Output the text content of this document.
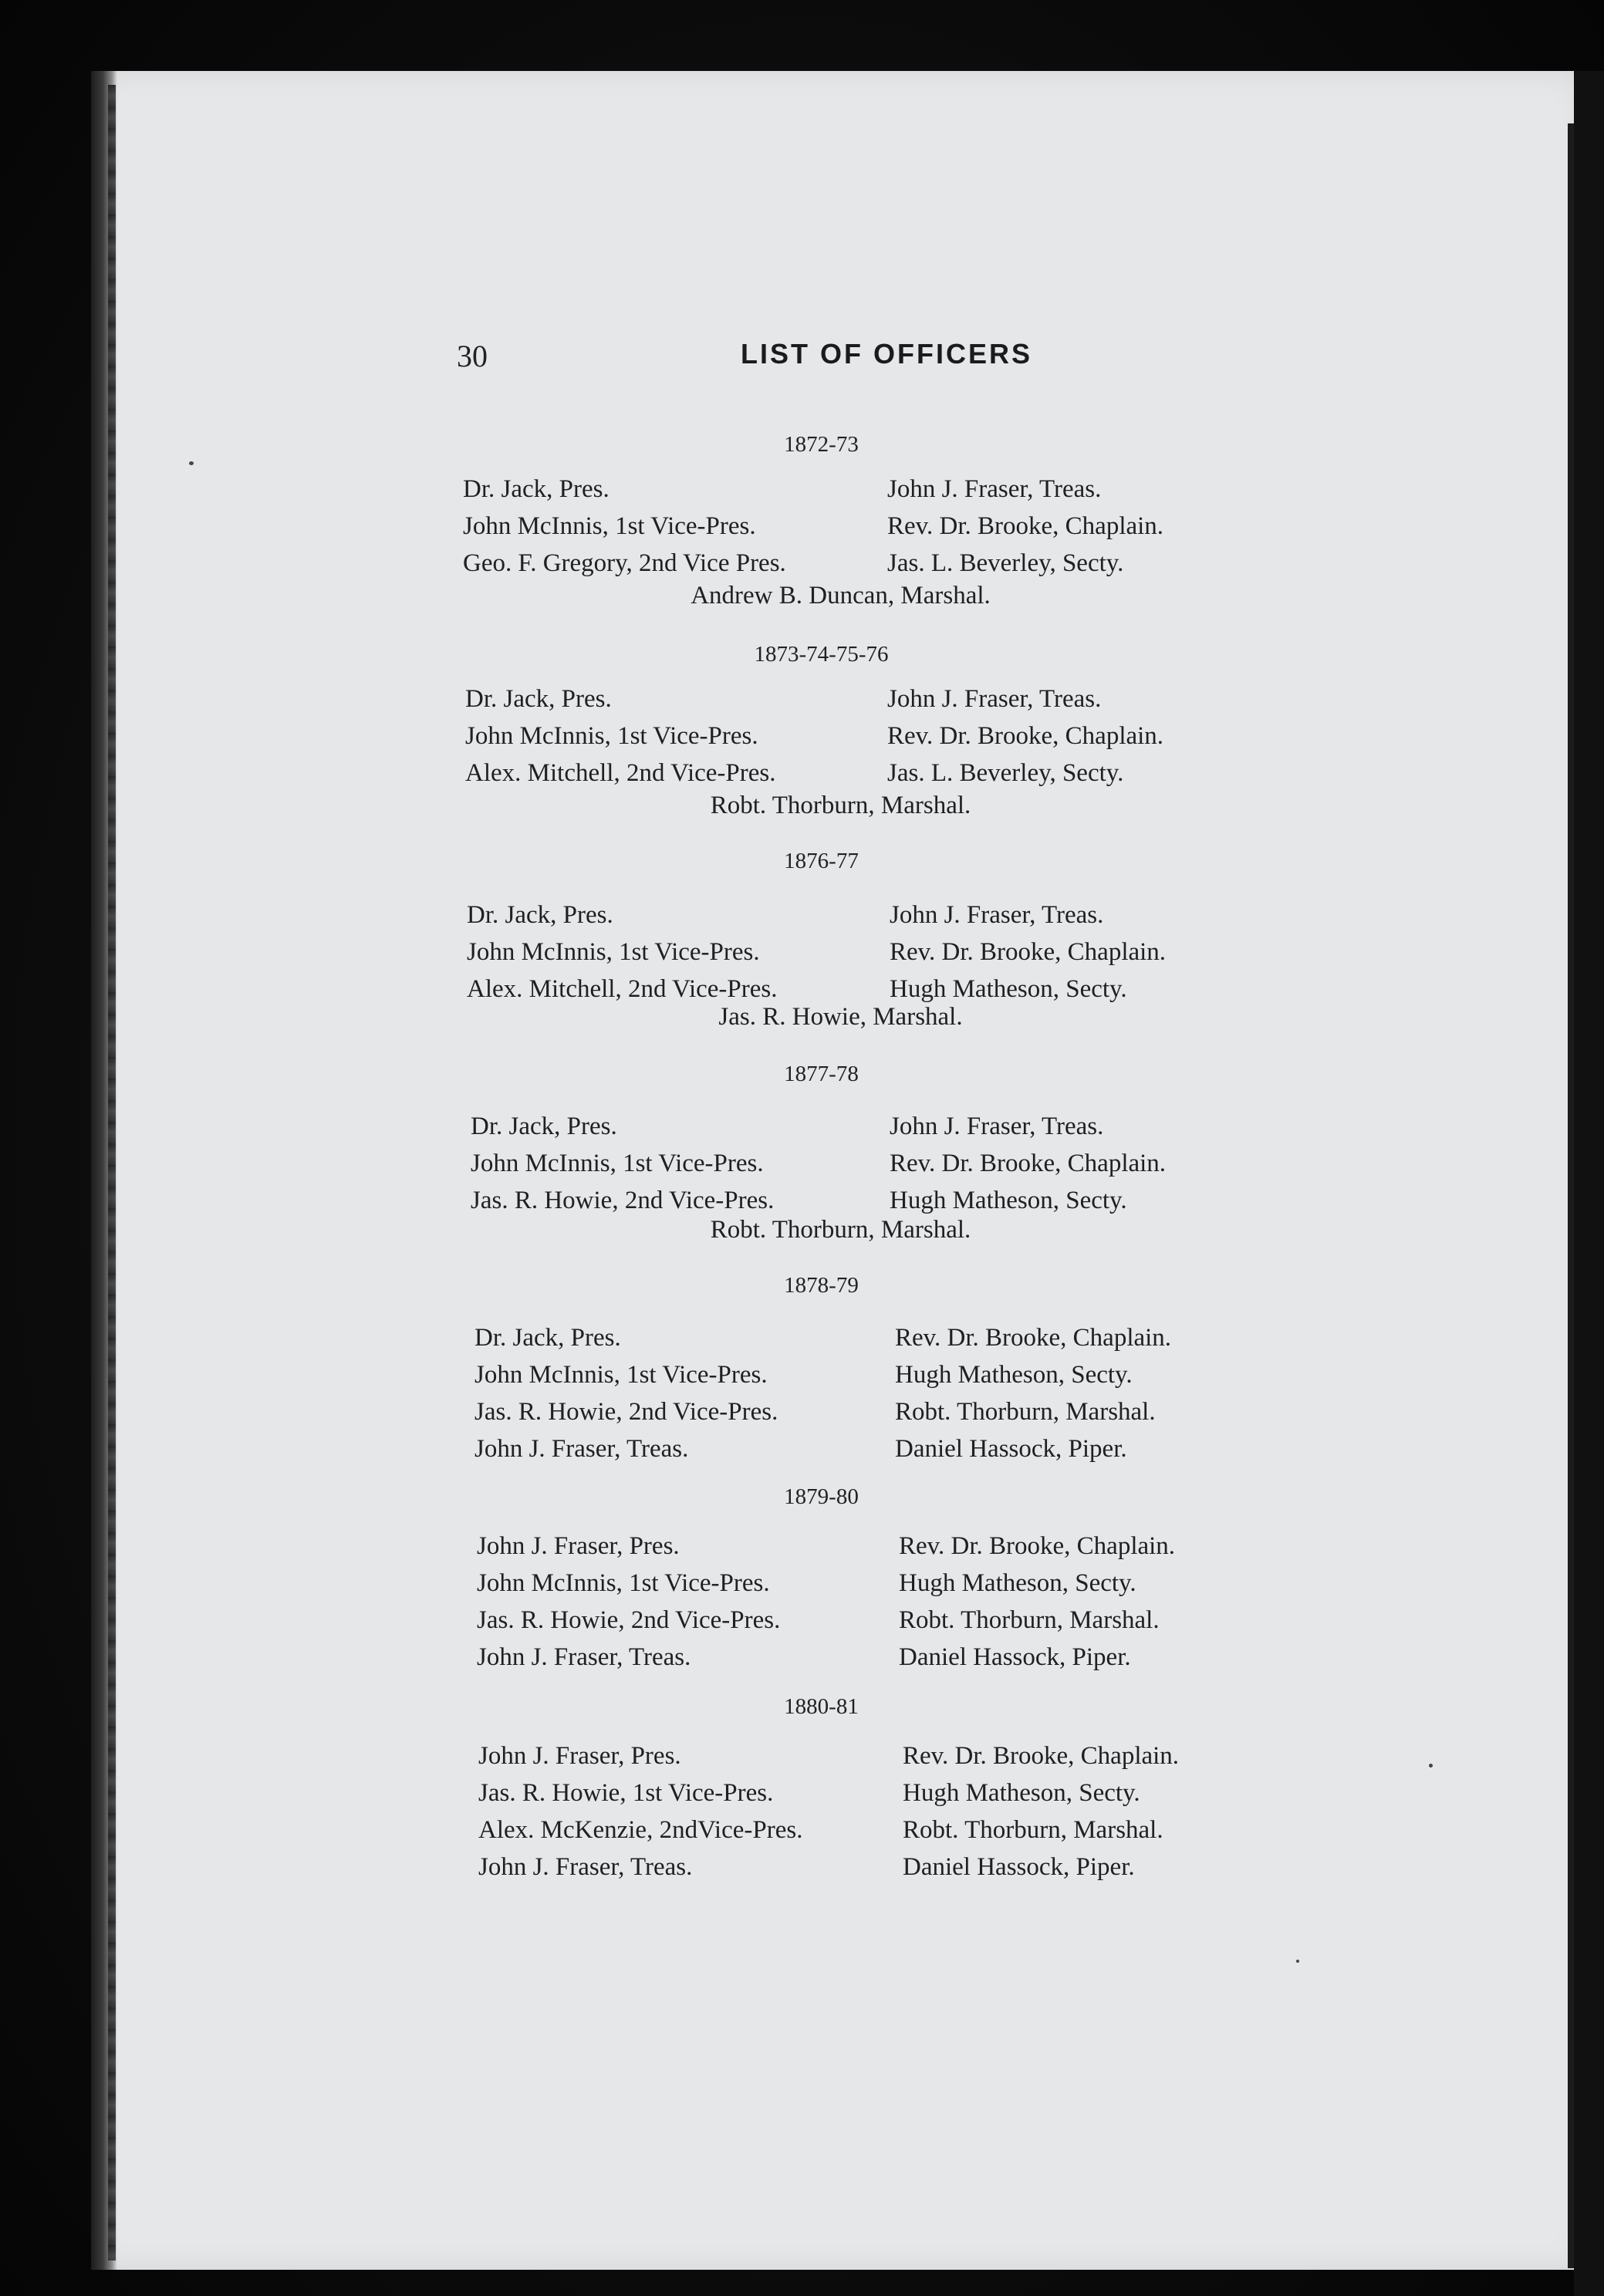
30	LIST OF OFFICERS
1872-73
Dr. Jack, Pres.
John McInnis, 1st Vice-Pres.
Geo. F. Gregory, 2nd Vice Pres.
John J. Fraser, Treas.
Rev. Dr. Brooke, Chaplain.
Jas. L. Beverley, Secty.
Andrew B. Duncan, Marshal.
1873-74-75-76
Dr. Jack, Pres.
John McInnis, 1st Vice-Pres.
Alex. Mitchell, 2nd Vice-Pres.
John J. Fraser, Treas.
Rev. Dr. Brooke, Chaplain.
Jas. L. Beverley, Secty.
Robt. Thorburn, Marshal.
1876-77
Dr. Jack, Pres.
John McInnis, 1st Vice-Pres.
Alex. Mitchell, 2nd Vice-Pres.
John J. Fraser, Treas.
Rev. Dr. Brooke, Chaplain.
Hugh Matheson, Secty.
Jas. R. Howie, Marshal.
1877-78
Dr. Jack, Pres.
John McInnis, 1st Vice-Pres.
Jas. R. Howie, 2nd Vice-Pres.
John J. Fraser, Treas.
Rev. Dr. Brooke, Chaplain.
Hugh Matheson, Secty.
Robt. Thorburn, Marshal.
1878-79
Dr. Jack, Pres.
John McInnis, 1st Vice-Pres.
Jas. R. Howie, 2nd Vice-Pres.
John J. Fraser, Treas.
Rev. Dr. Brooke, Chaplain.
Hugh Matheson, Secty.
Robt. Thorburn, Marshal.
Daniel Hassock, Piper.
1879-80
John J. Fraser, Pres.
John McInnis, 1st Vice-Pres.
Jas. R. Howie, 2nd Vice-Pres.
John J. Fraser, Treas.
Rev. Dr. Brooke, Chaplain.
Hugh Matheson, Secty.
Robt. Thorburn, Marshal.
Daniel Hassock, Piper.
1880-81
John J. Fraser, Pres.
Jas. R. Howie, 1st Vice-Pres.
Alex. McKenzie, 2ndVice-Pres.
John J. Fraser, Treas.
Rev. Dr. Brooke, Chaplain.
Hugh Matheson, Secty.
Robt. Thorburn, Marshal.
Daniel Hassock, Piper.
